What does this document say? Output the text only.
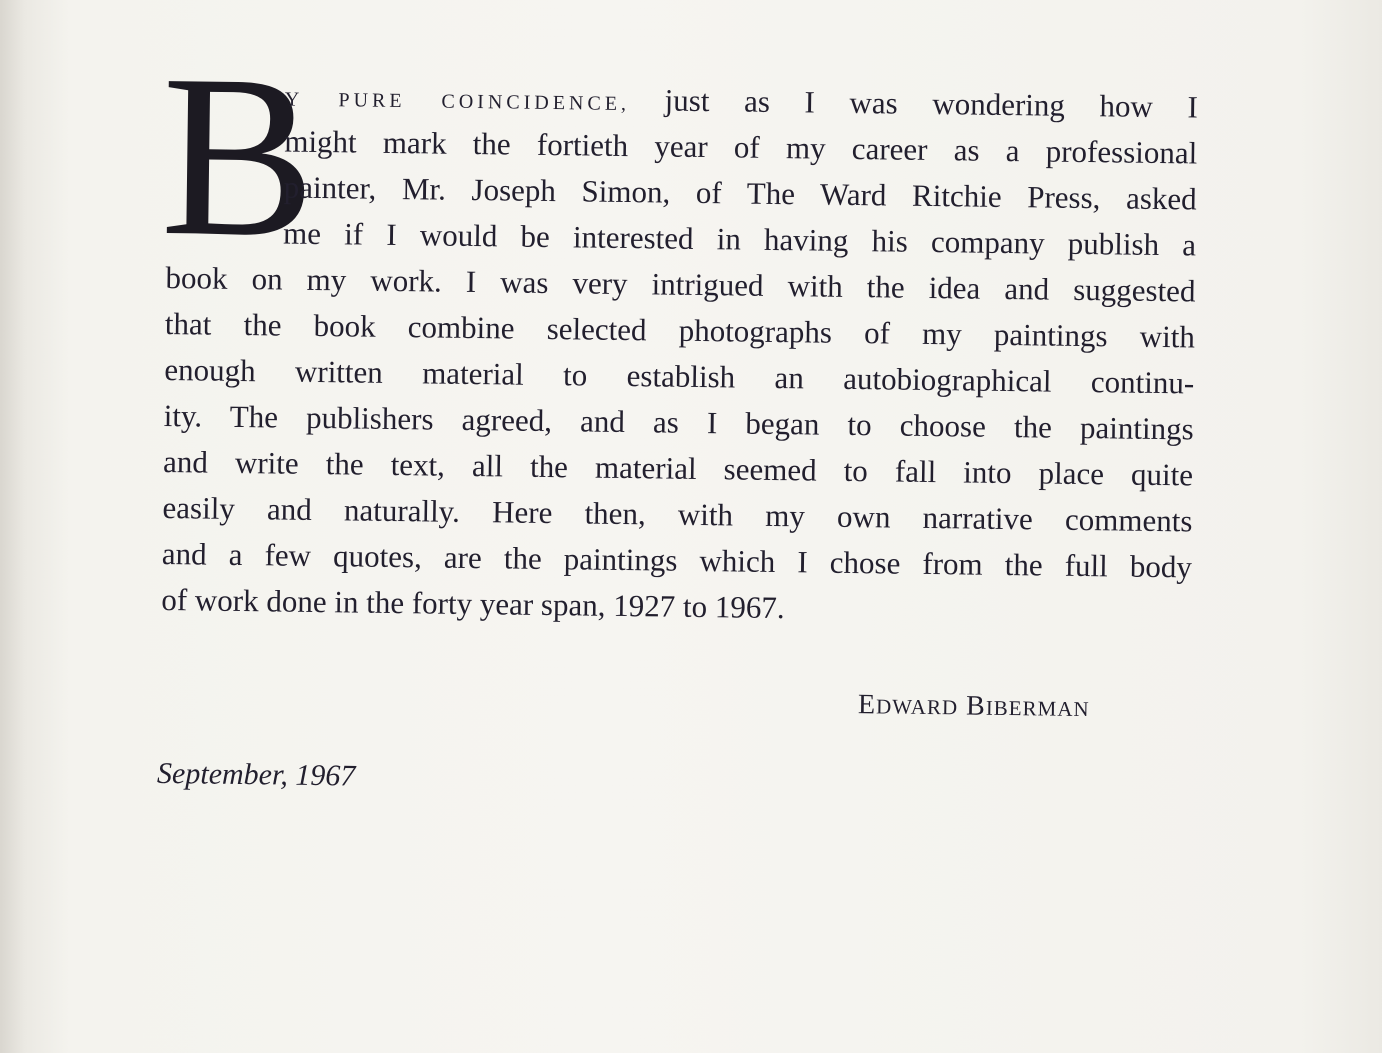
B
Y PURE COINCIDENCE, just as I was wondering how I
might mark the fortieth year of my career as a professional
painter, Mr. Joseph Simon, of The Ward Ritchie Press, asked
me if I would be interested in having his company publish a
book on my work. I was very intrigued with the idea and suggested
that the book combine selected photographs of my paintings with
enough written material to establish an autobiographical continu-
ity. The publishers agreed, and as I began to choose the paintings
and write the text, all the material seemed to fall into place quite
easily and naturally. Here then, with my own narrative comments
and a few quotes, are the paintings which I chose from the full body
of work done in the forty year span, 1927 to 1967.
EDWARD BIBERMAN
September, 1967
